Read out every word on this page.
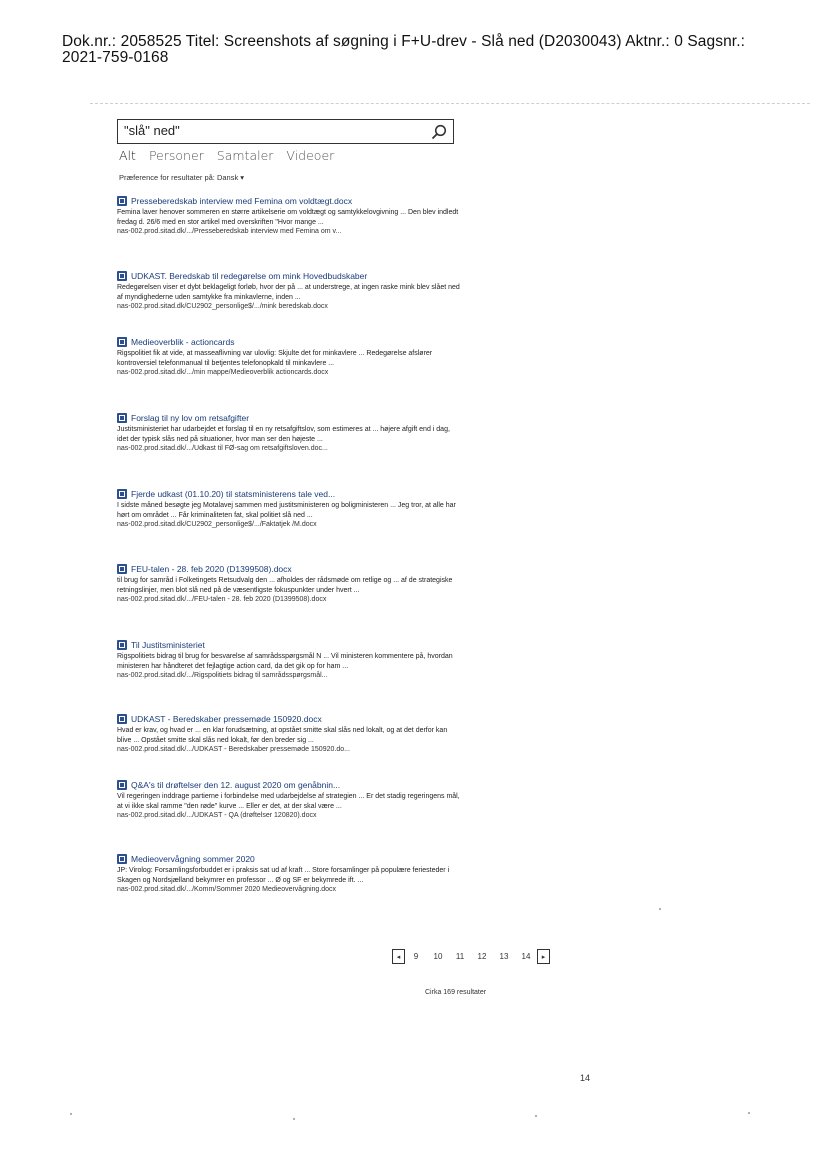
Dok.nr.: 2058525 Titel: Screenshots af søgning i F+U-drev - Slå ned (D2030043) Aktnr.: 0 Sagsnr.:
2021-759-0168
"slå" ned"
Alt Personer Samtaler Videoer
Præference for resultater på: Dansk ▾
Presseberedskab interview med Femina om voldtægt.docx
Femina laver henover sommeren en større artikelserie om voldtægt og samtykkelovgivning ... Den blev indledt fredag d. 26/6 med en stor artikel med overskriften "Hvor mange ...
nas-002.prod.sitad.dk/.../Presseberedskab interview med Femina om v...
UDKAST. Beredskab til redegørelse om mink Hovedbudskaber
Redegørelsen viser et dybt beklageligt forløb, hvor der på ... at understrege, at ingen raske mink blev slået ned af myndighederne uden samtykke fra minkavlerne, inden ...
nas-002.prod.sitad.dk/CU2902_personlige$/.../mink beredskab.docx
Medieoverblik - actioncards
Rigspolitiet fik at vide, at masseaflivning var ulovlig: Skjulte det for minkavlere ... Redegørelse afslører kontroversiel telefonmanual til betjentes telefonopkald til minkavlere ...
nas-002.prod.sitad.dk/.../min mappe/Medieoverblik actioncards.docx
Forslag til ny lov om retsafgifter
Justitsministeriet har udarbejdet et forslag til en ny retsafgiftslov, som estimeres at ... højere afgift end i dag, idet der typisk slås ned på situationer, hvor man ser den højeste ...
nas-002.prod.sitad.dk/.../Udkast til FØ-sag om retsafgiftsloven.doc...
Fjerde udkast (01.10.20) til statsministerens tale ved...
I sidste måned besøgte jeg Motalavej sammen med justitsministeren og boligministeren ... Jeg tror, at alle har hørt om området ... Får kriminaliteten fat, skal politiet slå ned ...
nas-002.prod.sitad.dk/CU2902_personlige$/.../Faktatjek /M.docx
FEU-talen - 28. feb 2020 (D1399508).docx
til brug for samråd i Folketingets Retsudvalg den ... afholdes der rådsmøde om retlige og ... af de strategiske retningslinjer, men blot slå ned på de væsentligste fokuspunkter under hvert ...
nas-002.prod.sitad.dk/.../FEU-talen - 28. feb 2020 (D1399508).docx
Til Justitsministeriet
Rigspolitiets bidrag til brug for besvarelse af samrådsspørgsmål N ... Vil ministeren kommentere på, hvordan ministeren har håndteret det fejlagtige action card, da det gik op for ham ...
nas-002.prod.sitad.dk/.../Rigspolitiets bidrag til samrådsspørgsmål...
UDKAST - Beredskaber pressemøde 150920.docx
Hvad er krav, og hvad er ... en klar forudsætning, at opstået smitte skal slås ned lokalt, og at det derfor kan blive ... Opstået smitte skal slås ned lokalt, før den breder sig ...
nas-002.prod.sitad.dk/.../UDKAST - Beredskaber pressemøde 150920.do...
Q&A's til drøftelser den 12. august 2020 om genåbnin...
Vil regeringen inddrage partierne i forbindelse med udarbejdelse af strategien ... Er det stadig regeringens mål, at vi ikke skal ramme "den røde" kurve ... Eller er det, at der skal være ...
nas-002.prod.sitad.dk/.../UDKAST - QA (drøftelser 120820).docx
Medieovervågning sommer 2020
JP: Virolog: Forsamlingsforbuddet er i praksis sat ud af kraft ... Store forsamlinger på populære feriesteder i Skagen og Nordsjælland bekymrer en professor ... Ø og SF er bekymrede ift. ...
nas-002.prod.sitad.dk/.../Komm/Sommer 2020 Medieovervågning.docx
◂	9	10	11	12	13	14	▸
Cirka 169 resultater
14
